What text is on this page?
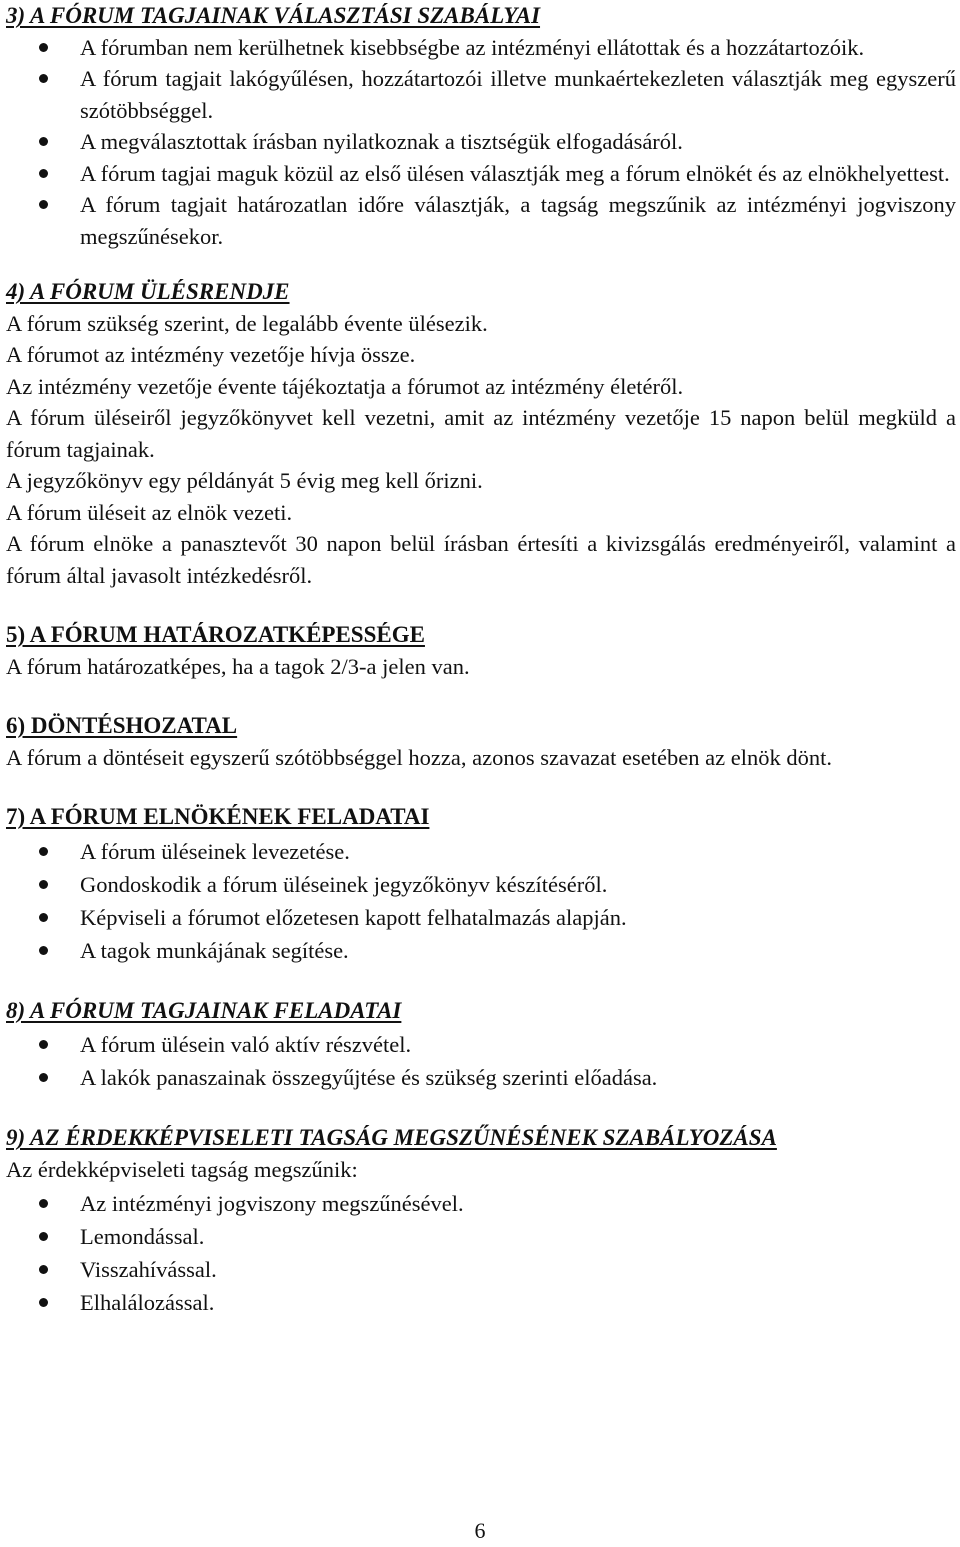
3) A FÓRUM TAGJAINAK VÁLASZTÁSI SZABÁLYAI
A fórumban nem kerülhetnek kisebbségbe az intézményi ellátottak és a hozzátartozóik.
A fórum tagjait lakógyűlésen, hozzátartozói illetve munkaértekezleten választják meg egyszerű szótöbbséggel.
A megválasztottak írásban nyilatkoznak a tisztségük elfogadásáról.
A fórum tagjai maguk közül az első ülésen választják meg a fórum elnökét és az elnökhelyettest.
A fórum tagjait határozatlan időre választják, a tagság megszűnik az intézményi jogviszony megszűnésekor.
4) A FÓRUM ÜLÉSRENDJE

A fórum szükség szerint, de legalább évente ülésezik.

A fórumot az intézmény vezetője hívja össze.

Az intézmény vezetője évente tájékoztatja a fórumot az intézmény életéről.

A fórum üléseiről jegyzőkönyvet kell vezetni, amit az intézmény vezetője 15 napon belül megküld a fórum tagjainak.

A jegyzőkönyv egy példányát 5 évig meg kell őrizni.

A fórum üléseit az elnök vezeti.

A fórum elnöke a panasztevőt 30 napon belül írásban értesíti a kivizsgálás eredményeiről, valamint a fórum által javasolt intézkedésről.

5) A FÓRUM HATÁROZATKÉPESSÉGE

A fórum határozatképes, ha a tagok 2/3-a jelen van.

6) DÖNTÉSHOZATAL

A fórum a döntéseit egyszerű szótöbbséggel hozza, azonos szavazat esetében az elnök dönt.

7) A FÓRUM ELNÖKÉNEK FELADATAI
A fórum üléseinek levezetése.
Gondoskodik a fórum üléseinek jegyzőkönyv készítéséről.
Képviseli a fórumot előzetesen kapott felhatalmazás alapján.
A tagok munkájának segítése.
8) A FÓRUM TAGJAINAK FELADATAI
A fórum ülésein való aktív részvétel.
A lakók panaszainak összegyűjtése és szükség szerinti előadása.
9) AZ ÉRDEKKÉPVISELETI TAGSÁG MEGSZŰNÉSÉNEK SZABÁLYOZÁSA

Az érdekképviseleti tagság megszűnik:

Az intézményi jogviszony megszűnésével.
Lemondással.
Visszahívással.
Elhalálozással.
6
